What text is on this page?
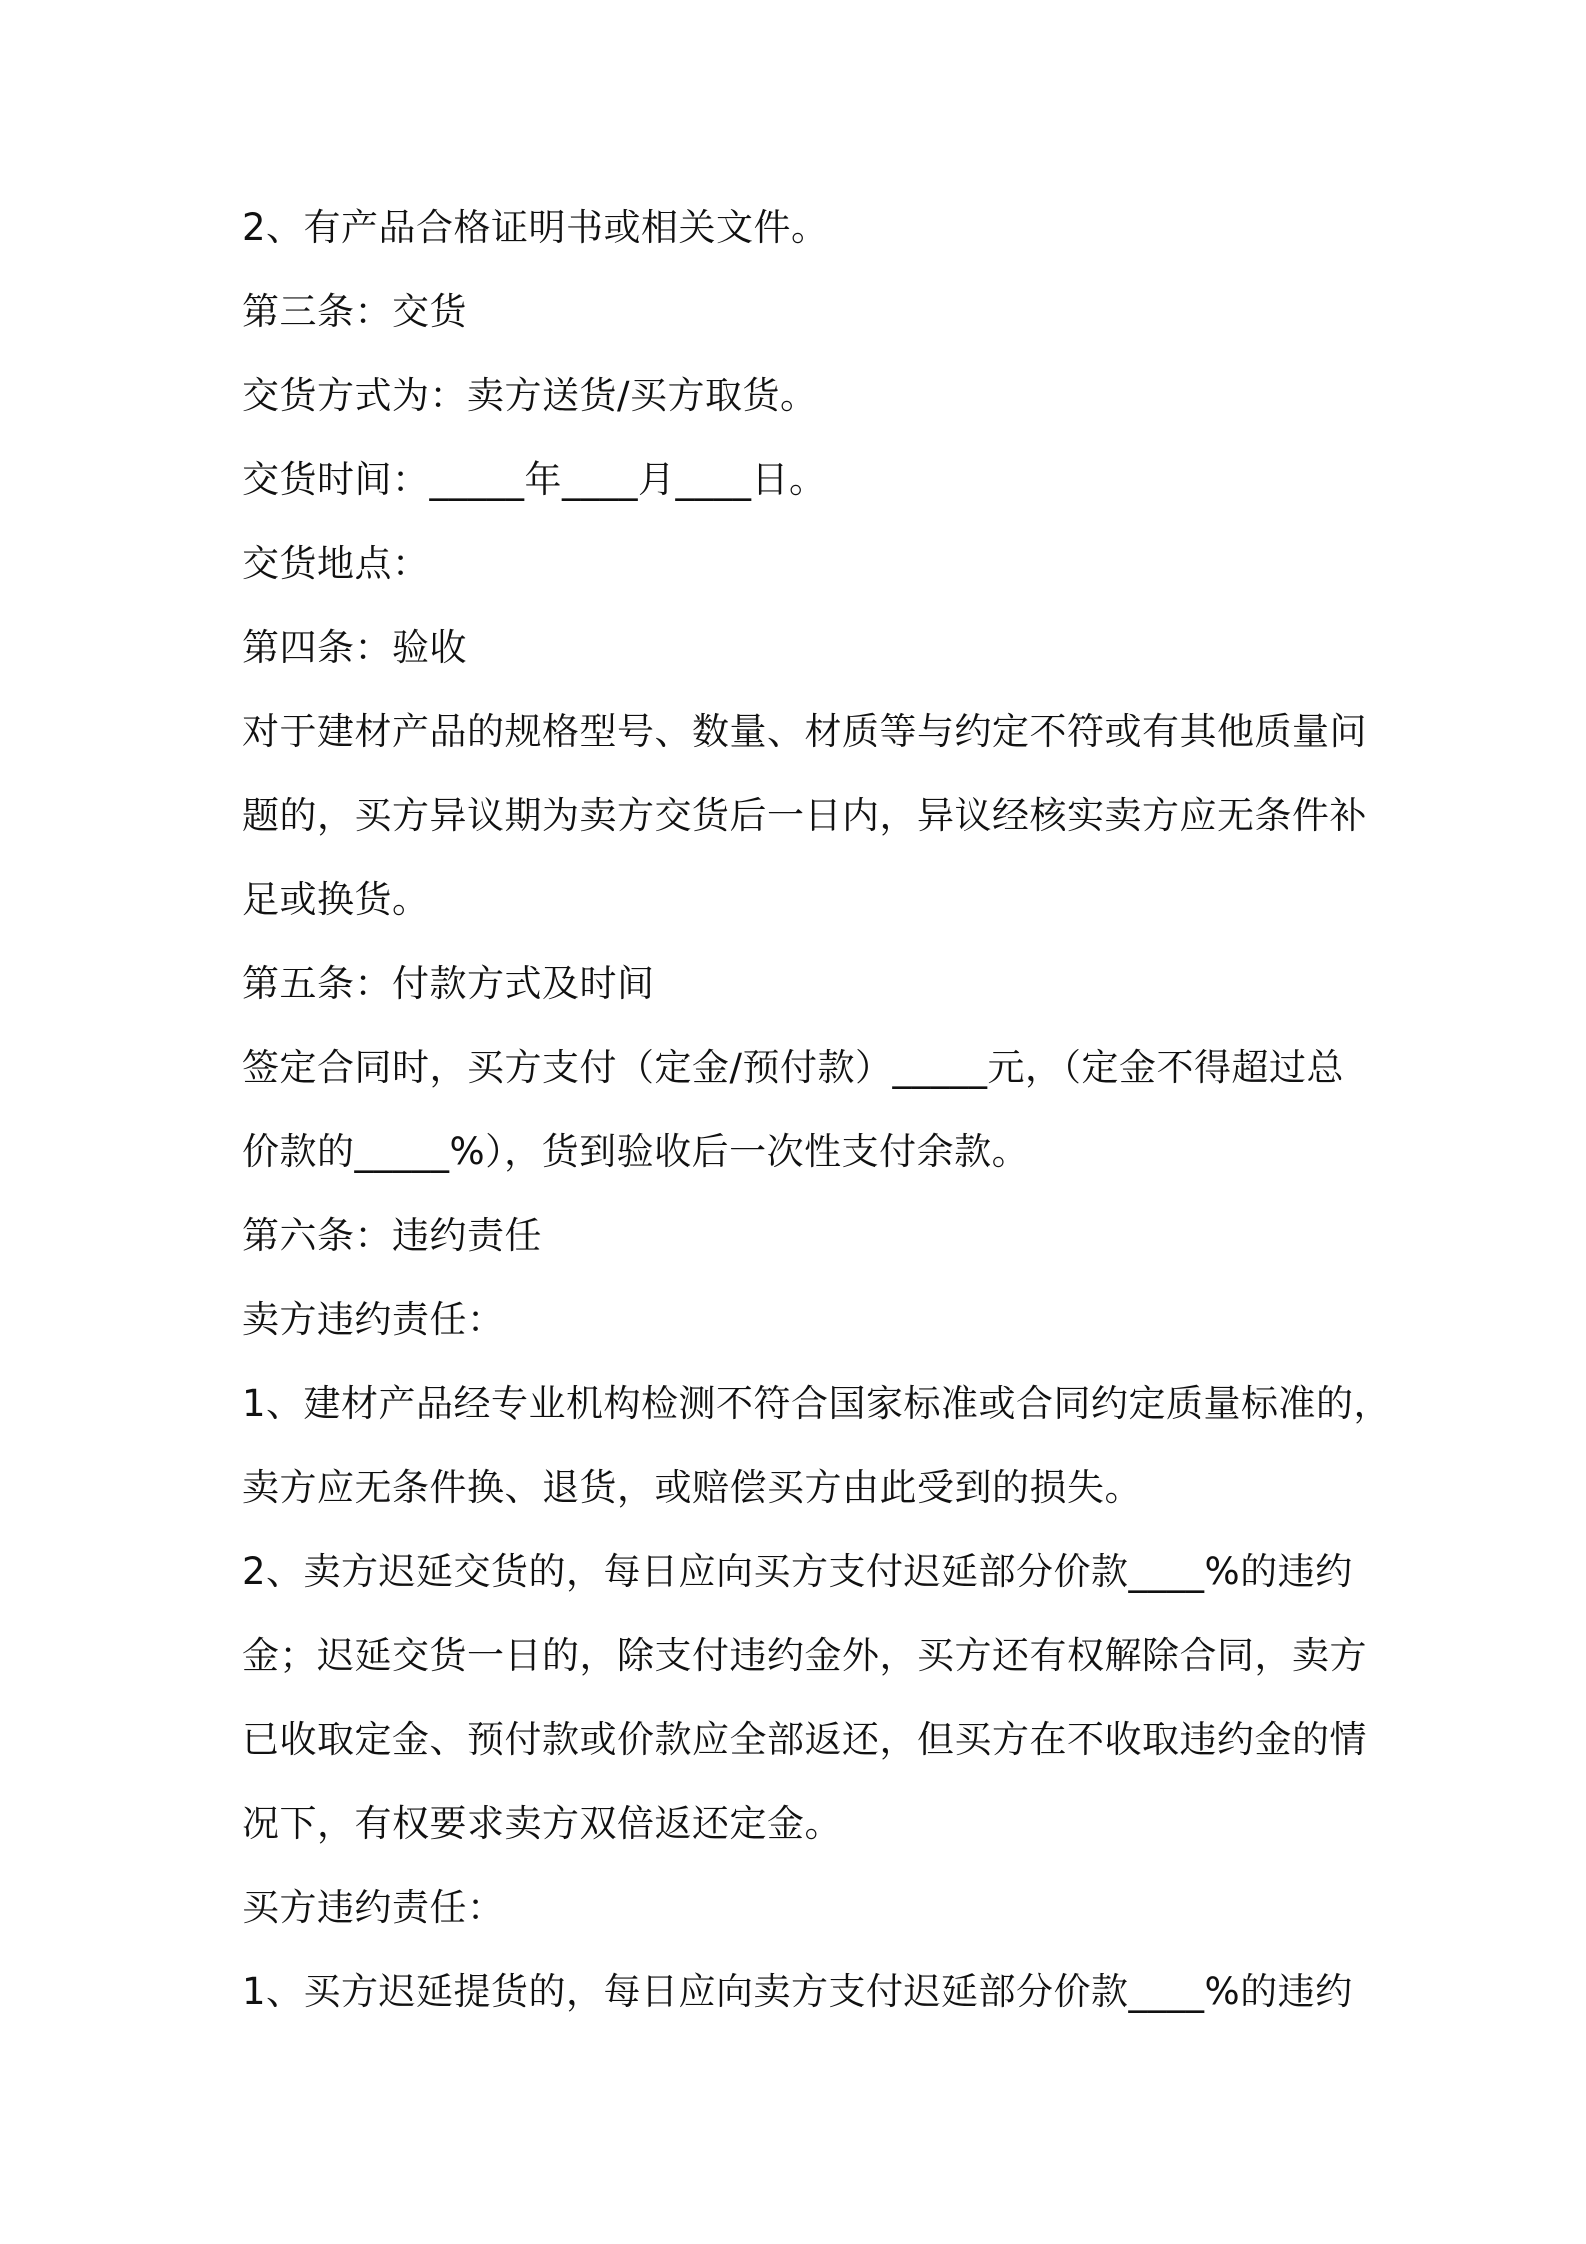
2、有产品合格证明书或相关文件。
第三条：交货
交货方式为：卖方送货/买方取货。
交货时间：_____年____月____日。
交货地点：
第四条：验收
对于建材产品的规格型号、数量、材质等与约定不符或有其他质量问
题的，买方异议期为卖方交货后一日内，异议经核实卖方应无条件补
足或换货。
第五条：付款方式及时间
签定合同时，买方支付（定金/预付款）_____元，（定金不得超过总
价款的_____%），货到验收后一次性支付余款。
第六条：违约责任
卖方违约责任：
1、建材产品经专业机构检测不符合国家标准或合同约定质量标准的，
卖方应无条件换、退货，或赔偿买方由此受到的损失。
2、卖方迟延交货的，每日应向买方支付迟延部分价款____%的违约
金；迟延交货一日的，除支付违约金外，买方还有权解除合同，卖方
已收取定金、预付款或价款应全部返还，但买方在不收取违约金的情
况下，有权要求卖方双倍返还定金。
买方违约责任：
1、买方迟延提货的，每日应向卖方支付迟延部分价款____%的违约
